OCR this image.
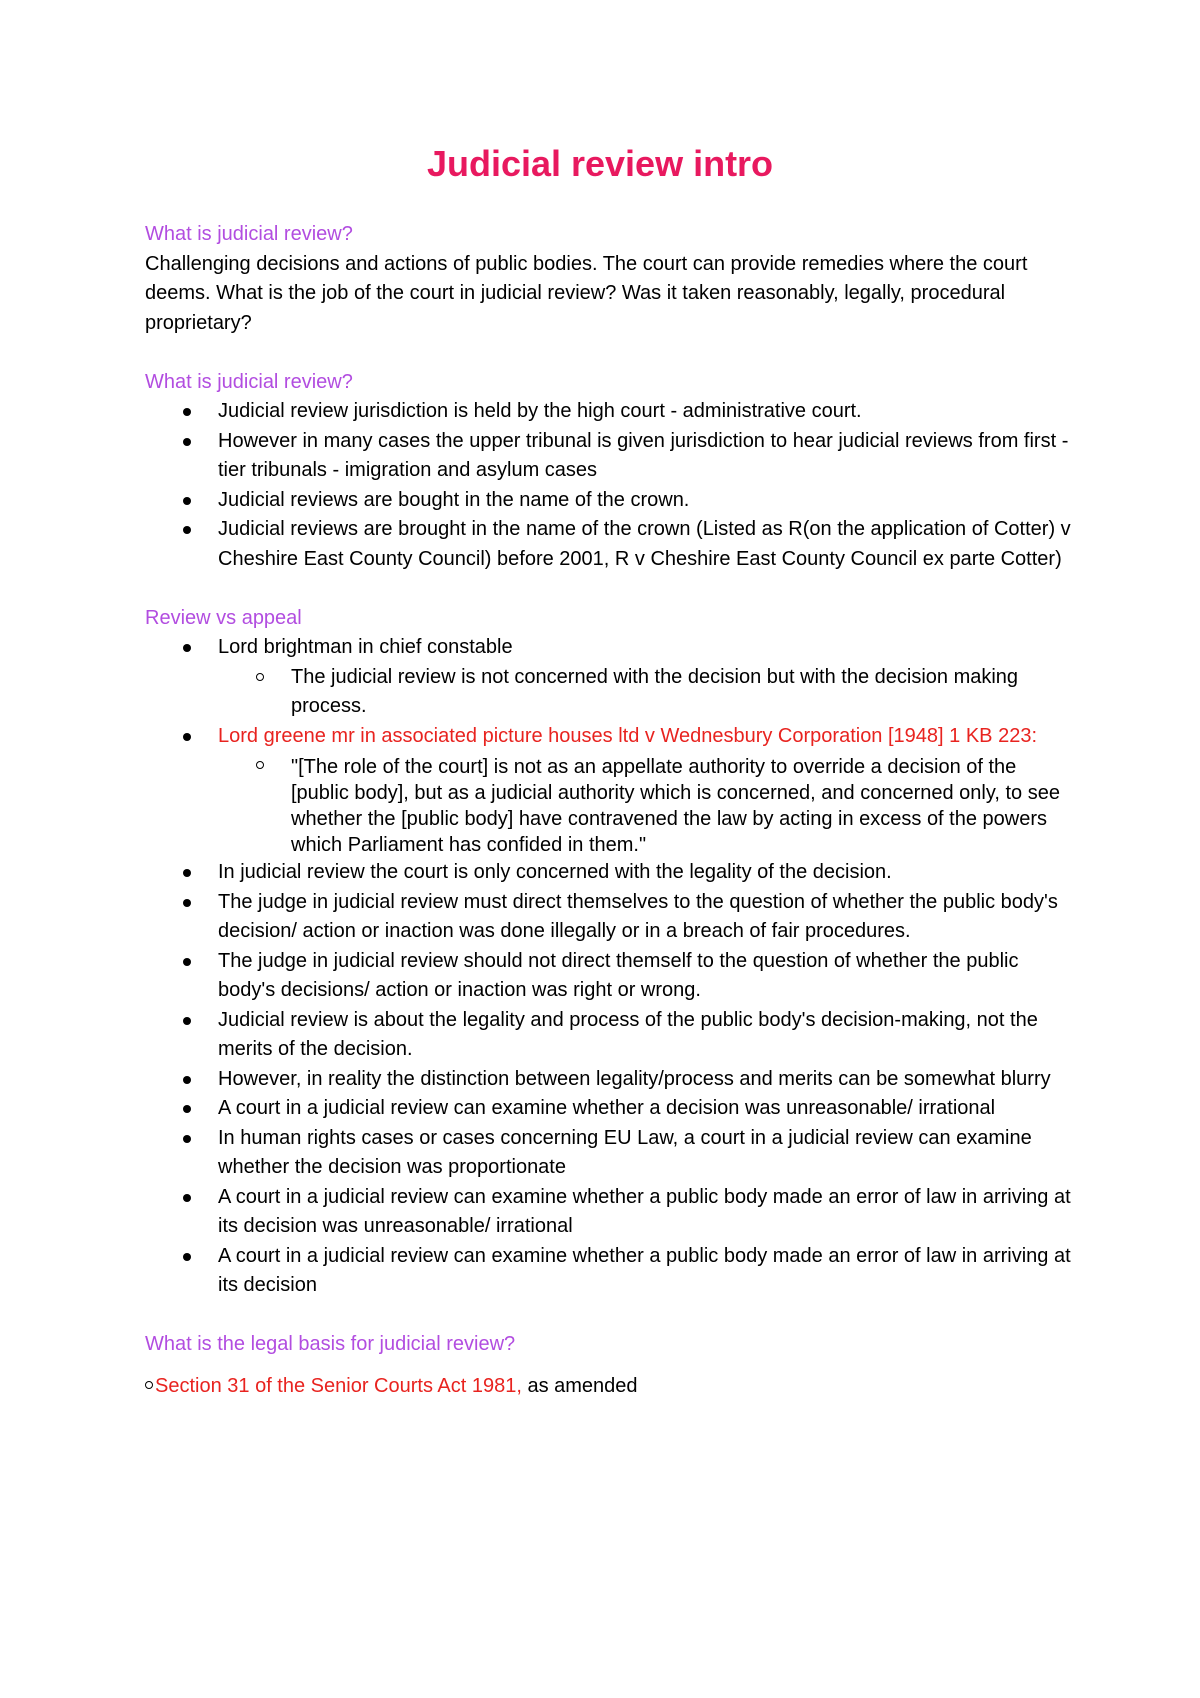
Judicial review intro

What is judicial review?

Challenging decisions and actions of public bodies. The court can provide remedies where the court deems. What is the job of the court in judicial review? Was it taken reasonably, legally, procedural proprietary?

What is judicial review?

Judicial review jurisdiction is held by the high court - administrative court.
However in many cases the upper tribunal is given jurisdiction to hear judicial reviews from first - tier tribunals - imigration and asylum cases
Judicial reviews are bought in the name of the crown.
Judicial reviews are brought in the name of the crown (Listed as R(on the application of Cotter) v Cheshire East County Council) before 2001, R v Cheshire East County Council ex parte Cotter)

Review vs appeal

Lord brightman in chief constable
The judicial review is not concerned with the decision but with the decision making process.
Lord greene mr in associated picture houses ltd v Wednesbury Corporation [1948] 1 KB 223:
"[The role of the court] is not as an appellate authority to override a decision of the [public body], but as a judicial authority which is concerned, and concerned only, to see whether the [public body] have contravened the law by acting in excess of the powers which Parliament has confided in them."
In judicial review the court is only concerned with the legality of the decision.
The judge in judicial review must direct themselves to the question of whether the public body's decision/ action or inaction was done illegally or in a breach of fair procedures.
The judge in judicial review should not direct themself to the question of whether the public body's decisions/ action or inaction was right or wrong.
Judicial review is about the legality and process of the public body's decision-making, not the merits of the decision.
However, in reality the distinction between legality/process and merits can be somewhat blurry
A court in a judicial review can examine whether a decision was unreasonable/ irrational
In human rights cases or cases concerning EU Law, a court in a judicial review can examine whether the decision was proportionate
A court in a judicial review can examine whether a public body made an error of law in arriving at its decision was unreasonable/ irrational
A court in a judicial review can examine whether a public body made an error of law in arriving at its decision

What is the legal basis for judicial review?

Section 31 of the Senior Courts Act 1981, as amended
